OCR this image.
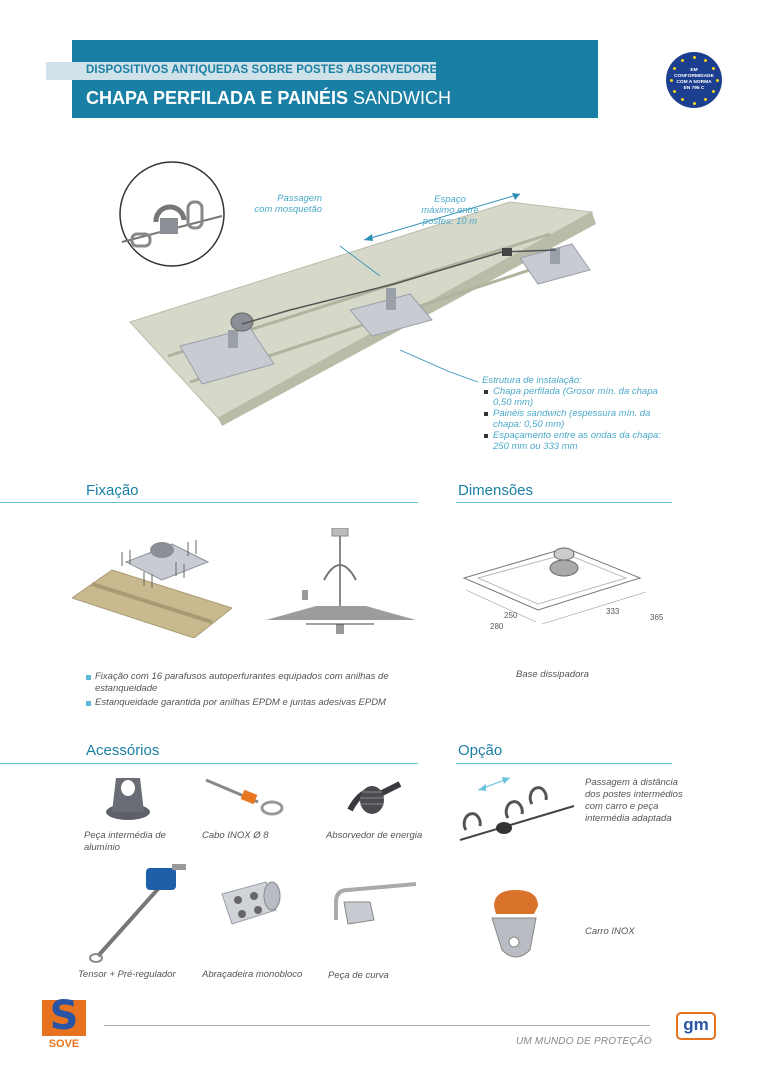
DISPOSITIVOS ANTIQUEDAS SOBRE POSTES ABSORVEDORES
CHAPA PERFILADA E PAINÉIS SANDWICH
EM
CONFORMIDADE
COM A NORMA
EN 795 C
Passagem
com mosquetão
Espaço
máximo entre
postes: 10 m
Estrutura de instalação:
Chapa perfilada (Grosor mín. da chapa 0,50 mm)
Painéis sandwich (espessura mín. da chapa: 0,50 mm)
Espaçamento entre as ondas da chapa: 250 mm ou 333 mm
Fixação
Fixação com 16 parafusos autoperfurantes equipados com anilhas de estanqueidade
Estanqueidade garantida por anilhas EPDM e juntas adesivas EPDM
Dimensões
250
280
333
365
Base dissipadora
Acessórios
Peça intermédia de alumínio
Cabo INOX Ø 8	Absorvedor de energia
Tensor + Pré-regulador	Abraçadeira monobloco	Peça de curva
Opção
Passagem à distância dos postes intermédios com carro e peça intermédia adaptada
Carro INOX
S
SOVE
gm
UM MUNDO DE PROTEÇÃO
